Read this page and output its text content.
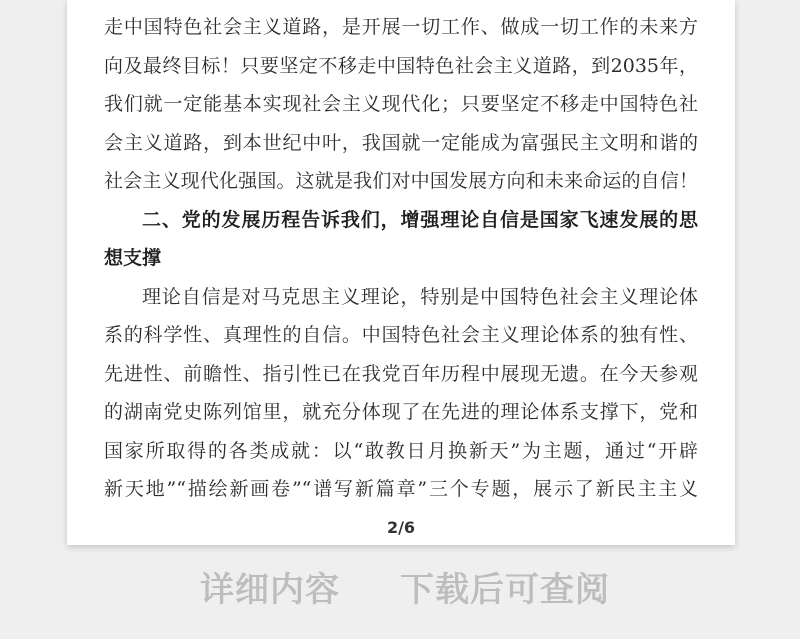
走中国特色社会主义道路，是开展一切工作、做成一切工作的未来方
向及最终目标！只要坚定不移走中国特色社会主义道路，到2035年，
我们就一定能基本实现社会主义现代化；只要坚定不移走中国特色社
会主义道路，到本世纪中叶，我国就一定能成为富强民主文明和谐的
社会主义现代化强国。这就是我们对中国发展方向和未来命运的自信！
二、党的发展历程告诉我们，增强理论自信是国家飞速发展的思
想支撑
理论自信是对马克思主义理论，特别是中国特色社会主义理论体
系的科学性、真理性的自信。中国特色社会主义理论体系的独有性、
先进性、前瞻性、指引性已在我党百年历程中展现无遗。在今天参观
的湖南党史陈列馆里，就充分体现了在先进的理论体系支撑下，党和
国家所取得的各类成就：以“敢教日月换新天”为主题，通过“开辟
新天地”“描绘新画卷”“谱写新篇章”三个专题，展示了新民主主义
2/6
详细内容 下载后可查阅
